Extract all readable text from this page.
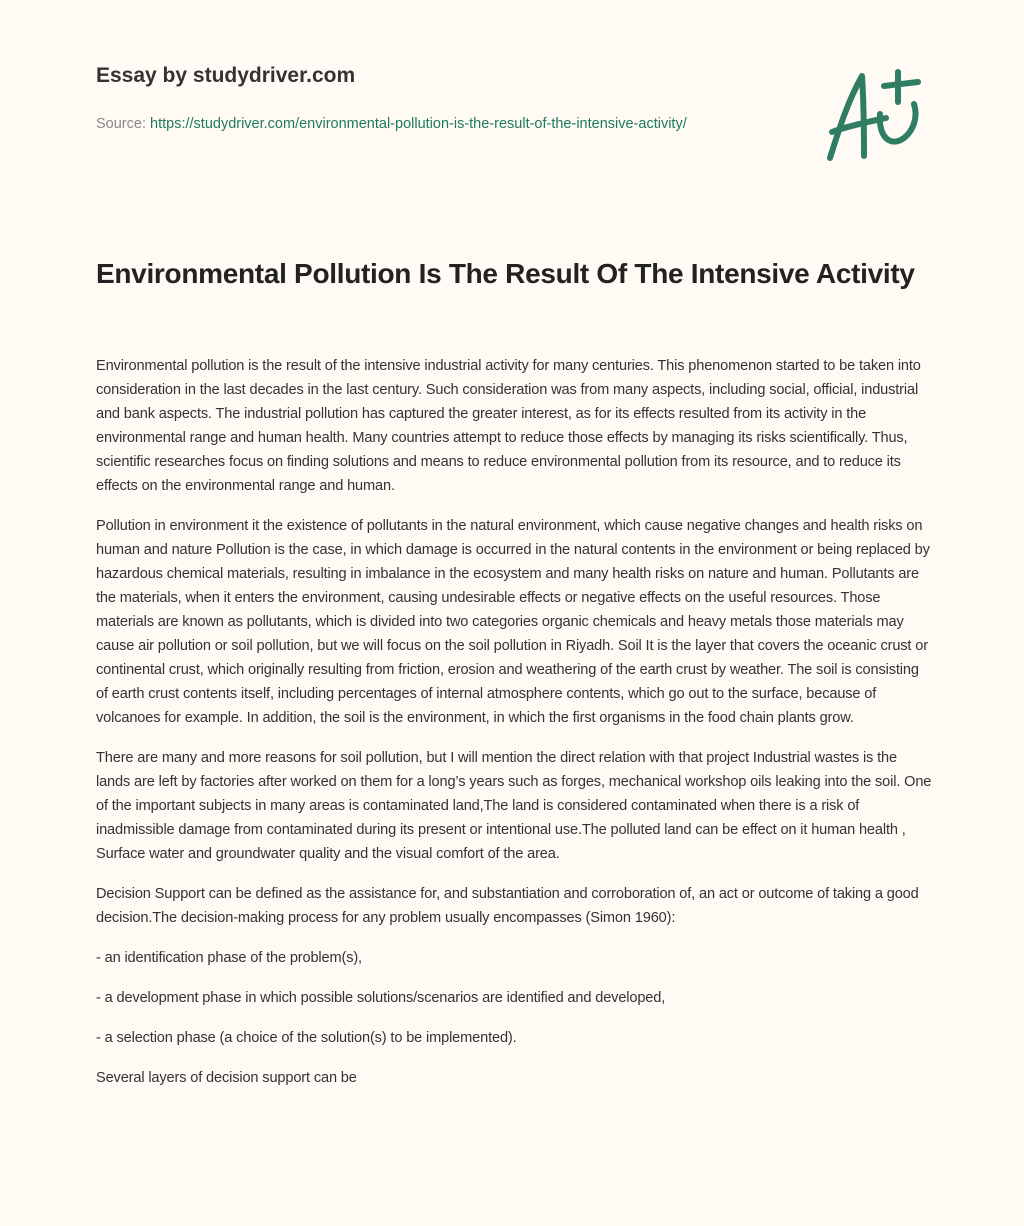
Essay by studydriver.com
Source: https://studydriver.com/environmental-pollution-is-the-result-of-the-intensive-activity/
Environmental Pollution Is The Result Of The Intensive Activity

Environmental pollution is the result of the intensive industrial activity for many centuries. This phenomenon started to be taken into consideration in the last decades in the last century. Such consideration was from many aspects, including social, official, industrial and bank aspects. The industrial pollution has captured the greater interest, as for its effects resulted from its activity in the environmental range and human health. Many countries attempt to reduce those effects by managing its risks scientifically. Thus, scientific researches focus on finding solutions and means to reduce environmental pollution from its resource, and to reduce its effects on the environmental range and human.

Pollution in environment it the existence of pollutants in the natural environment, which cause negative changes and health risks on human and nature Pollution is the case, in which damage is occurred in the natural contents in the environment or being replaced by hazardous chemical materials, resulting in imbalance in the ecosystem and many health risks on nature and human. Pollutants are the materials, when it enters the environment, causing undesirable effects or negative effects on the useful resources. Those materials are known as pollutants, which is divided into two categories organic chemicals and heavy metals those materials may cause air pollution or soil pollution, but we will focus on the soil pollution in Riyadh. Soil It is the layer that covers the oceanic crust or continental crust, which originally resulting from friction, erosion and weathering of the earth crust by weather. The soil is consisting of earth crust contents itself, including percentages of internal atmosphere contents, which go out to the surface, because of volcanoes for example. In addition, the soil is the environment, in which the first organisms in the food chain plants grow.

There are many and more reasons for soil pollution, but I will mention the direct relation with that project Industrial wastes is the lands are left by factories after worked on them for a long’s years such as forges, mechanical workshop oils leaking into the soil. One of the important subjects in many areas is contaminated land,The land is considered contaminated when there is a risk of inadmissible damage from contaminated during its present or intentional use.The polluted land can be effect on it human health , Surface water and groundwater quality and the visual comfort of the area.

Decision Support can be defined as the assistance for, and substantiation and corroboration of, an act or outcome of taking a good decision.The decision-making process for any problem usually encompasses (Simon 1960):

- an identification phase of the problem(s),

- a development phase in which possible solutions/scenarios are identified and developed,

- a selection phase (a choice of the solution(s) to be implemented).

Several layers of decision support can be
